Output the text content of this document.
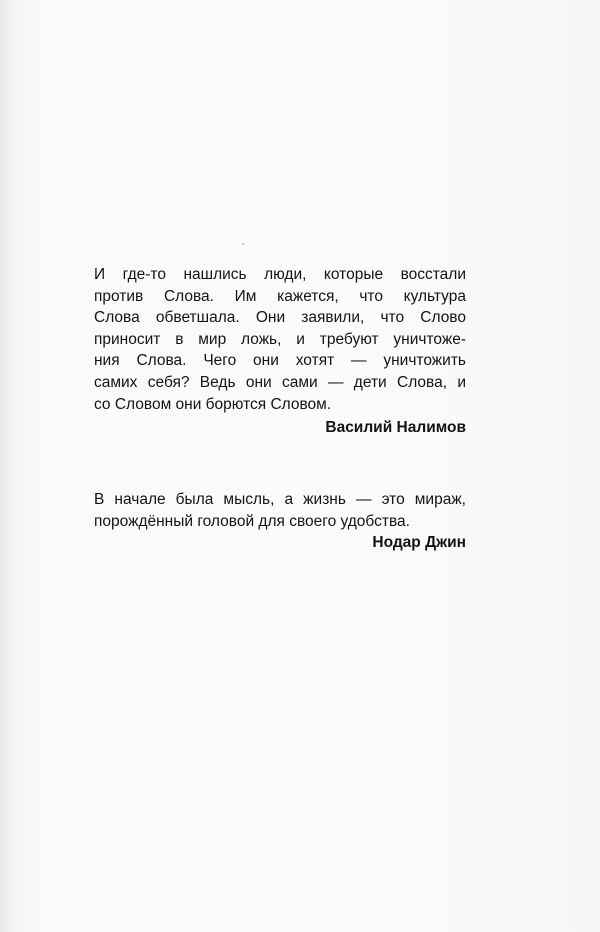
И где-то нашлись люди, которые восстали
против Слова. Им кажется, что культура
Слова обветшала. Они заявили, что Слово
приносит в мир ложь, и требуют уничтоже-
ния Слова. Чего они хотят — уничтожить
самих себя? Ведь они сами — дети Слова, и
со Словом они борются Словом.
Василий Налимов
В начале была мысль, а жизнь — это мираж,
порождённый головой для своего удобства.
Нодар Джин
